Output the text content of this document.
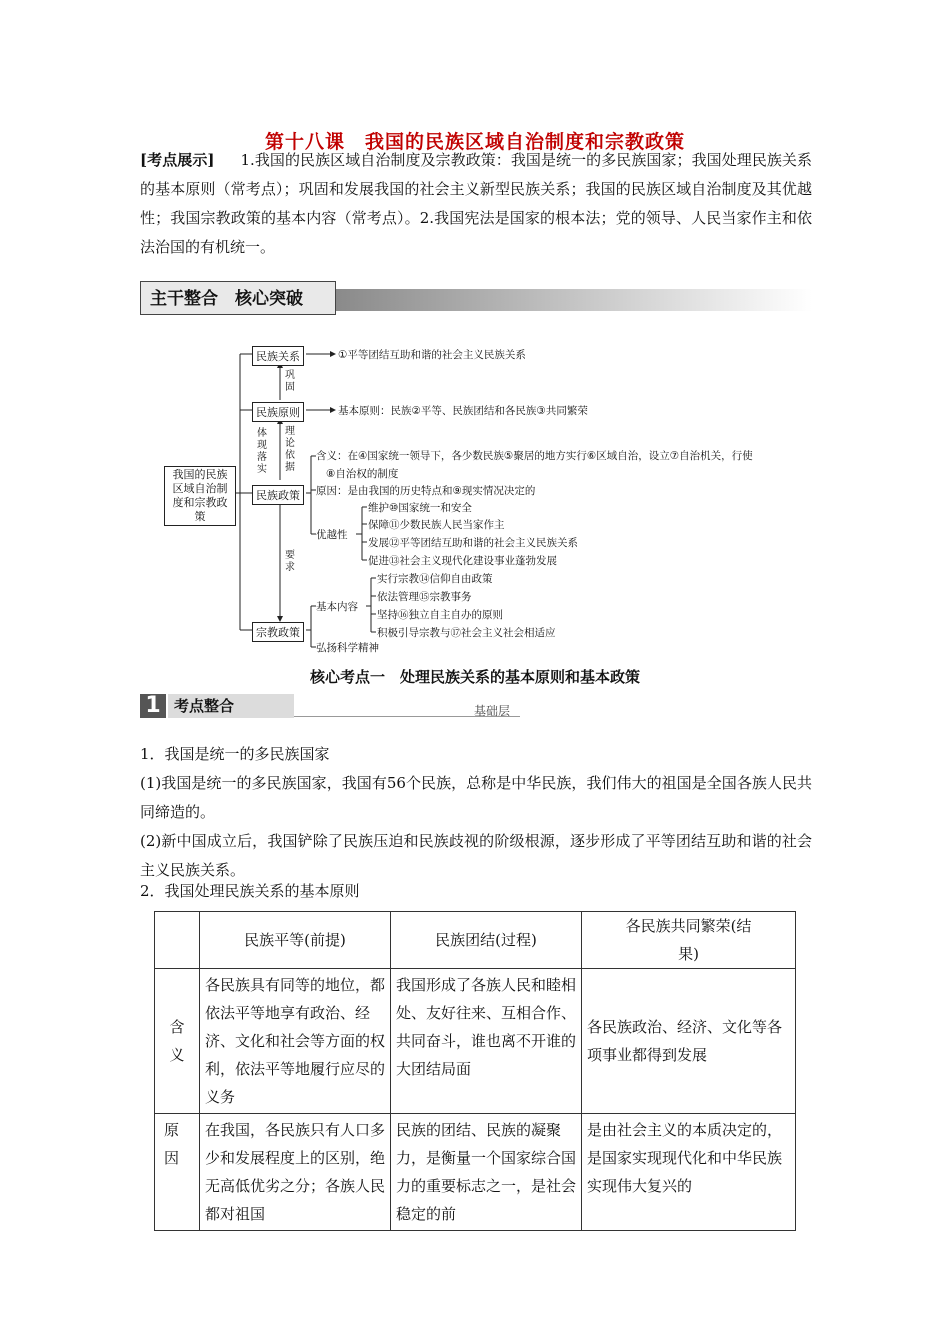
第十八课　我国的民族区域自治制度和宗教政策
[考点展示] 1.我国的民族区域自治制度及宗教政策：我国是统一的多民族国家；我国处理民族关系的基本原则（常考点）；巩固和发展我国的社会主义新型民族关系；我国的民族区域自治制度及其优越性；我国宗教政策的基本内容（常考点）。2.我国宪法是国家的根本法；党的领导、人民当家作主和依法治国的有机统一。
主干整合　核心突破
我国的民族区域自治制度和宗教政策
民族关系	①平等团结互助和谐的社会主义民族关系
巩固
民族原则	基本原则：民族②平等、民族团结和各民族③共同繁荣
体现落实
理论依据
民族政策
含义：在④国家统一领导下，各少数民族⑤聚居的地方实行⑥区域自治，设立⑦自治机关，行使
⑧自治权的制度
原因：是由我国的历史特点和⑨现实情况决定的
优越性
维护⑩国家统一和安全
保障⑪少数民族人民当家作主
发展⑫平等团结互助和谐的社会主义民族关系
促进⑬社会主义现代化建设事业蓬勃发展
要求
宗教政策
基本内容
实行宗教⑭信仰自由政策
依法管理⑮宗教事务
坚持⑯独立自主自办的原则
积极引导宗教与⑰社会主义社会相适应
弘扬科学精神
核心考点一　处理民族关系的基本原则和基本政策
1 考点整合	基础层
1．我国是统一的多民族国家
(1)我国是统一的多民族国家，我国有56个民族，总称是中华民族，我们伟大的祖国是全国各族人民共同缔造的。
(2)新中国成立后，我国铲除了民族压迫和民族歧视的阶级根源，逐步形成了平等团结互助和谐的社会主义民族关系。
2．我国处理民族关系的基本原则
	民族平等(前提)	民族团结(过程)	各民族共同繁荣(结果)
含义	各民族具有同等的地位，都依法平等地享有政治、经济、文化和社会等方面的权利，依法平等地履行应尽的义务	我国形成了各族人民和睦相处、友好往来、互相合作、共同奋斗，谁也离不开谁的大团结局面	各民族政治、经济、文化等各项事业都得到发展
原因	在我国，各民族只有人口多少和发展程度上的区别，绝无高低优劣之分；各族人民都对祖国	民族的团结、民族的凝聚力，是衡量一个国家综合国力的重要标志之一，是社会稳定的前	是由社会主义的本质决定的，是国家实现现代化和中华民族实现伟大复兴的
